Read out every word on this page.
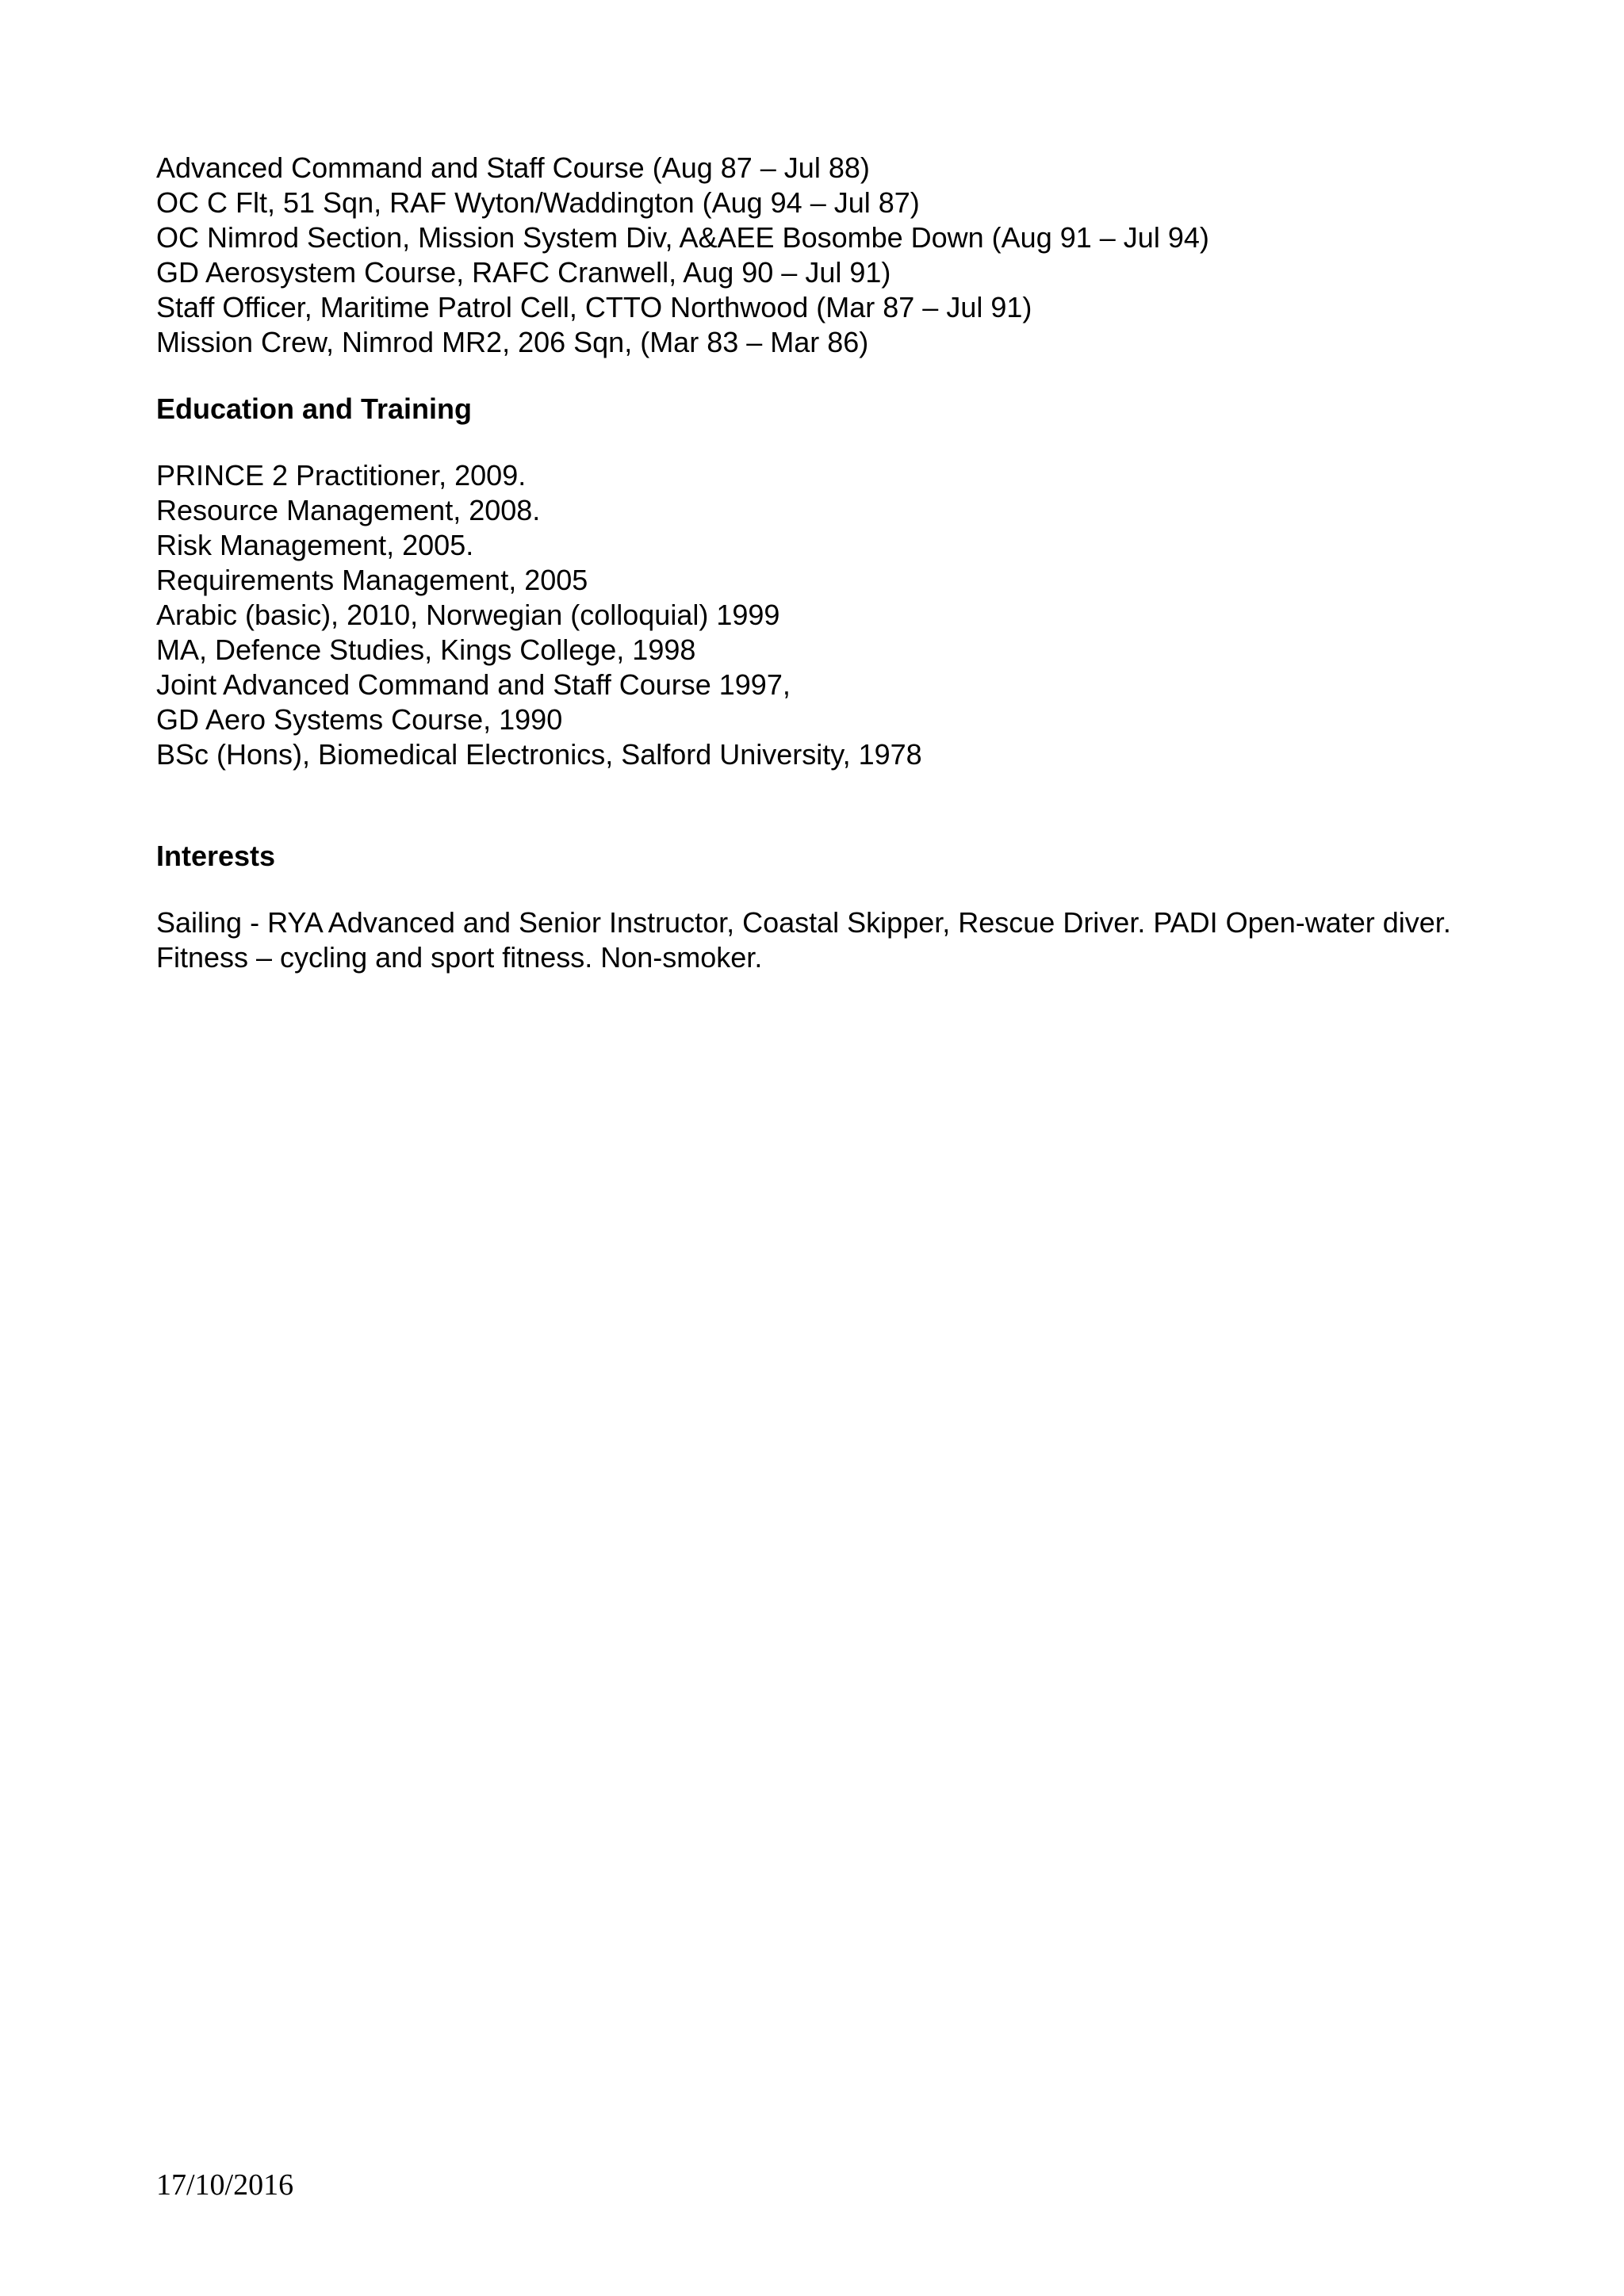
Advanced Command and Staff Course (Aug 87 – Jul 88)

OC C Flt, 51 Sqn, RAF Wyton/Waddington (Aug 94 – Jul 87)

OC Nimrod Section, Mission System Div, A&AEE Bosombe Down (Aug 91 – Jul 94)

GD Aerosystem Course, RAFC Cranwell, Aug 90 – Jul 91)

Staff Officer, Maritime Patrol Cell, CTTO Northwood (Mar 87 – Jul 91)

Mission Crew, Nimrod MR2, 206 Sqn, (Mar 83 – Mar 86)

Education and Training

PRINCE 2 Practitioner, 2009.

Resource Management, 2008.

Risk Management, 2005.

Requirements Management, 2005

Arabic (basic), 2010, Norwegian (colloquial) 1999

MA, Defence Studies, Kings College, 1998

Joint Advanced Command and Staff Course 1997,

GD Aero Systems Course, 1990

BSc (Hons), Biomedical Electronics, Salford University, 1978

Interests

Sailing - RYA Advanced and Senior Instructor, Coastal Skipper, Rescue Driver. PADI Open-water diver. Fitness – cycling and sport fitness. Non-smoker.

17/10/2016
